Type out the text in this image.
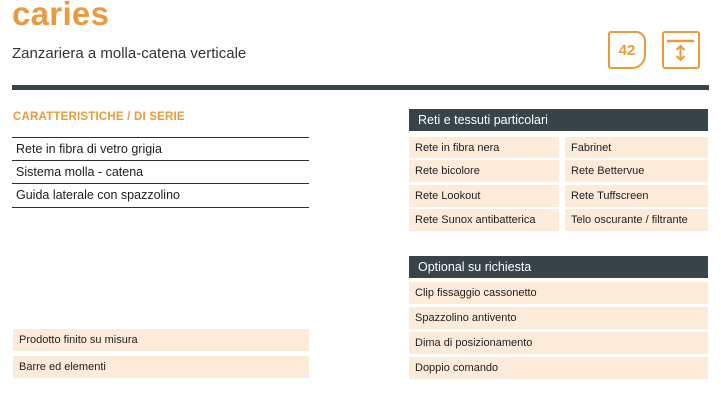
caries
Zanzariera a molla-catena verticale	42
CARATTERISTICHE / DI SERIE
Rete in fibra di vetro grigia
Sistema molla - catena
Guida laterale con spazzolino
Prodotto finito su misura
Barre ed elementi
Reti e tessuti particolari
Rete in fibra nera
Rete bicolore
Rete Lookout
Rete Sunox antibatterica
Fabrinet
Rete Bettervue
Rete Tuffscreen
Telo oscurante / filtrante
Optional su richiesta
Clip fissaggio cassonetto
Spazzolino antivento
Dima di posizionamento
Doppio comando
